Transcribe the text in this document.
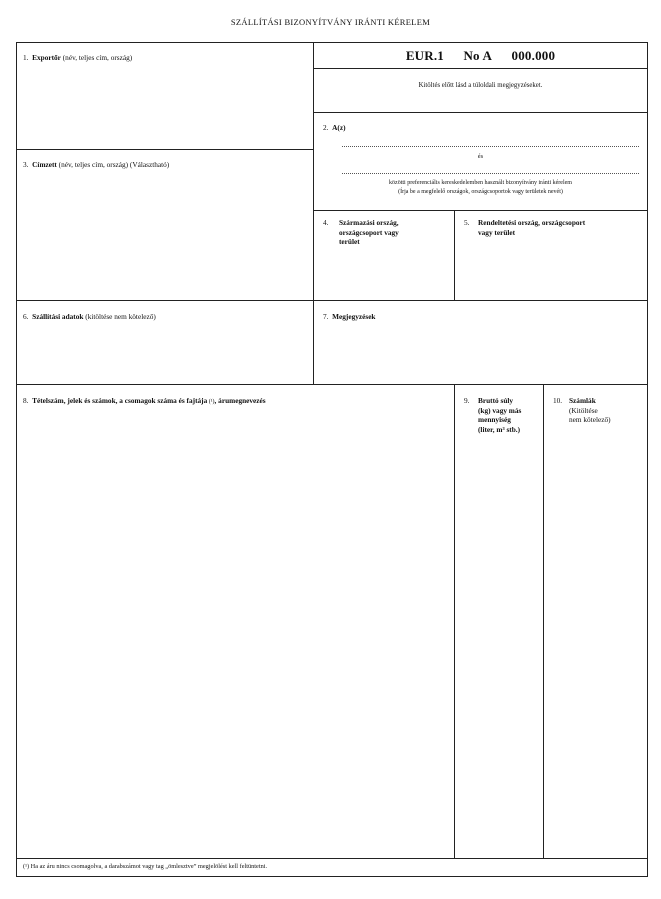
SZÁLLÍTÁSI BIZONYÍTVÁNY IRÁNTI KÉRELEM
1. Exportőr (név, teljes cím, ország)	EUR.1 No A 000.000
Kitöltés előtt lásd a túloldali megjegyzéseket.
2. A(z)
és
közötti preferenciális kereskedelemben használt bizonyítvány iránti kérelem
(Írja be a megfelelő országok, országcsoportok vagy területek nevét)
3. Címzett (név, teljes cím, ország) (Választható)
4. Származási ország,
országcsoport vagy
terület
5. Rendeltetési ország, országcsoport
vagy terület
6. Szállítási adatok (kitöltése nem kötelező)	7. Megjegyzések
8. Tételszám, jelek és számok, a csomagok száma és fajtája (¹), árumegnevezés	9. Bruttó súly
(kg) vagy más
mennyiség
(liter, m³ stb.)
10. Számlák
(Kitöltése
nem kötelező)
(¹) Ha az áru nincs csomagolva, a darabszámot vagy tag „ömlesztve” megjelölést kell feltüntetni.
